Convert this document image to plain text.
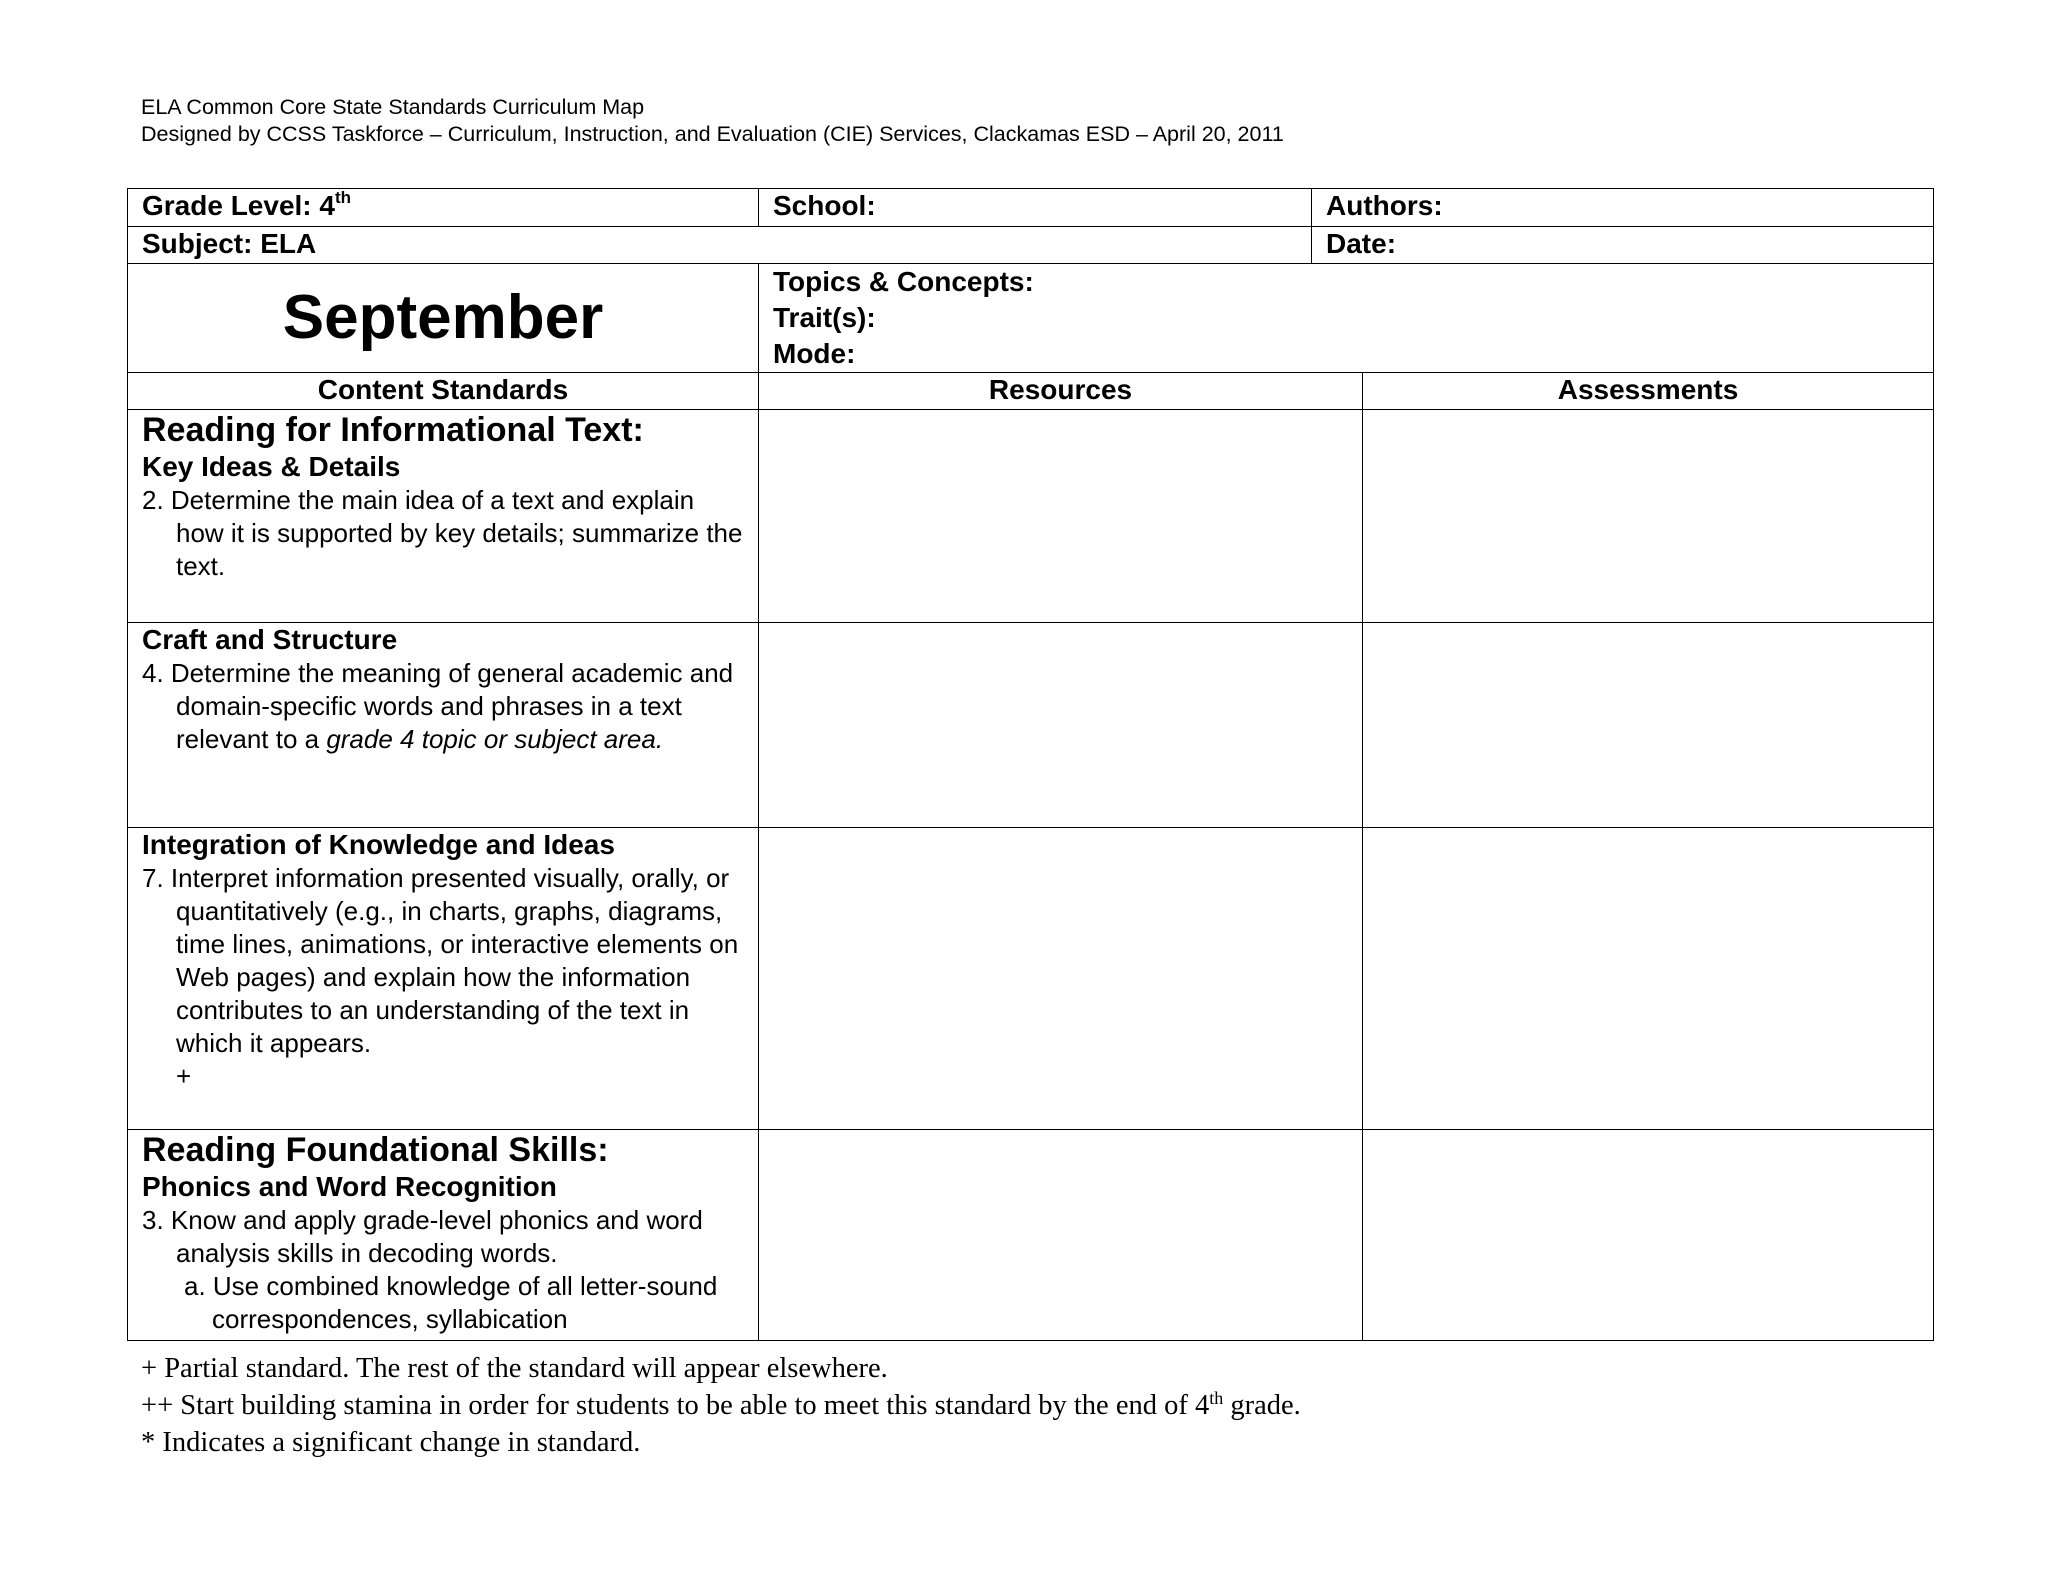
ELA Common Core State Standards Curriculum Map
Designed by CCSS Taskforce – Curriculum, Instruction, and Evaluation (CIE) Services, Clackamas ESD – April 20, 2011
Grade Level: 4th	School:	Authors:	
Subject: ELA		Date:	
September	Topics & Concepts:
Trait(s):
Mode:		

Content Standards	Resources		Assessments

Reading for Informational Text:
Key Ideas & Details
2. Determine the main idea of a text and explain how it is supported by key details; summarize the text.			

Craft and Structure
4. Determine the meaning of general academic and domain-specific words and phrases in a text relevant to a grade 4 topic or subject area.			

Integration of Knowledge and Ideas
7. Interpret information presented visually, orally, or quantitatively (e.g., in charts, graphs, diagrams, time lines, animations, or interactive elements on Web pages) and explain how the information contributes to an understanding of the text in which it appears.
+			

Reading Foundational Skills:
Phonics and Word Recognition
3. Know and apply grade-level phonics and word analysis skills in decoding words.
a. Use combined knowledge of all letter-sound correspondences, syllabication			

+ Partial standard. The rest of the standard will appear elsewhere.
++ Start building stamina in order for students to be able to meet this standard by the end of 4th grade.
* Indicates a significant change in standard.
